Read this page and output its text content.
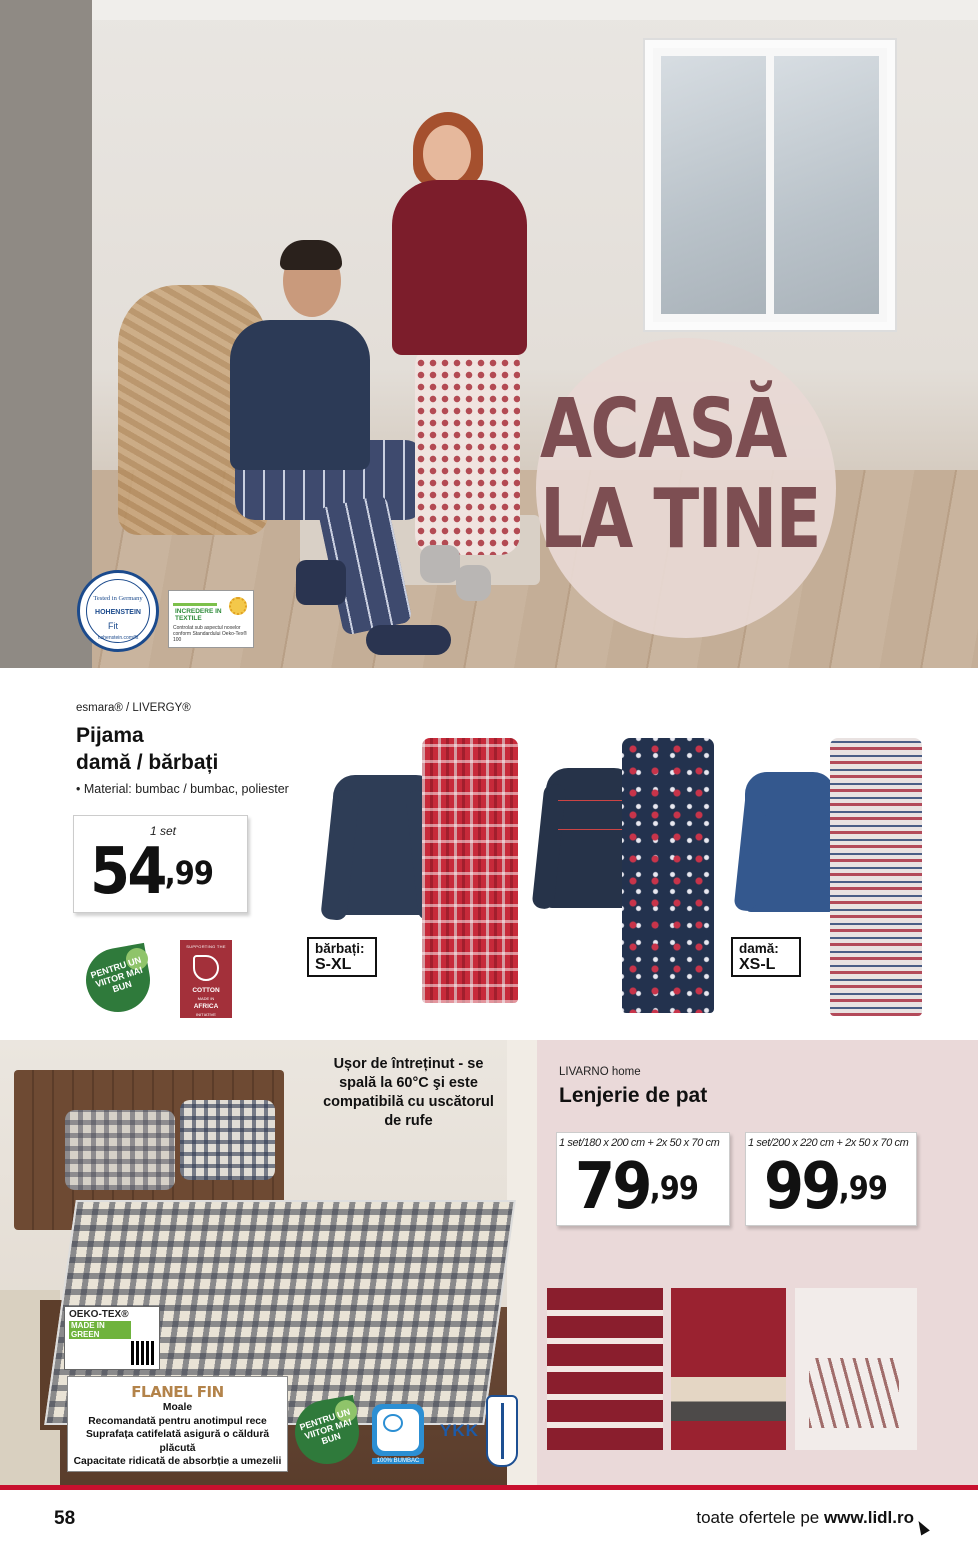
ACASĂ
LA TINE
Tested in Germany
HOHENSTEIN
Fit
hohenstein.com/fit
INCREDERE IN TEXTILE
Controlat sub aspectul noxelor conform Standardului Oeko-Tex® 100
esmara® / LIVERGY®
Pijama
damă / bărbați
• Material: bumbac / bumbac, poliester
1 set
$54^{,99}$
PENTRU UN VIITOR MAI BUN
SUPPORTING THE
COTTON
MADE IN
AFRICA
INITIATIVE
bărbați:
S-XL
damă:
XS-L
Ușor de întreținut - se spală la 60°C şi este compatibilă cu uscătorul de rufe
OEKO-TEX®
MADE IN GREEN
FLANEL FIN
Moale
Recomandată pentru anotimpul rece
Suprafața catifelată asigură o căldură plăcută
Capacitate ridicată de absorbție a umezelii
PENTRU UN VIITOR MAI BUN
100% BUMBAC
YKK
LIVARNO home
Lenjerie de pat
1 set/180 x 200 cm + 2x 50 x 70 cm
$79^{,99}$
1 set/200 x 220 cm + 2x 50 x 70 cm
$99^{,99}$
58	toate ofertele pe www.lidl.ro
